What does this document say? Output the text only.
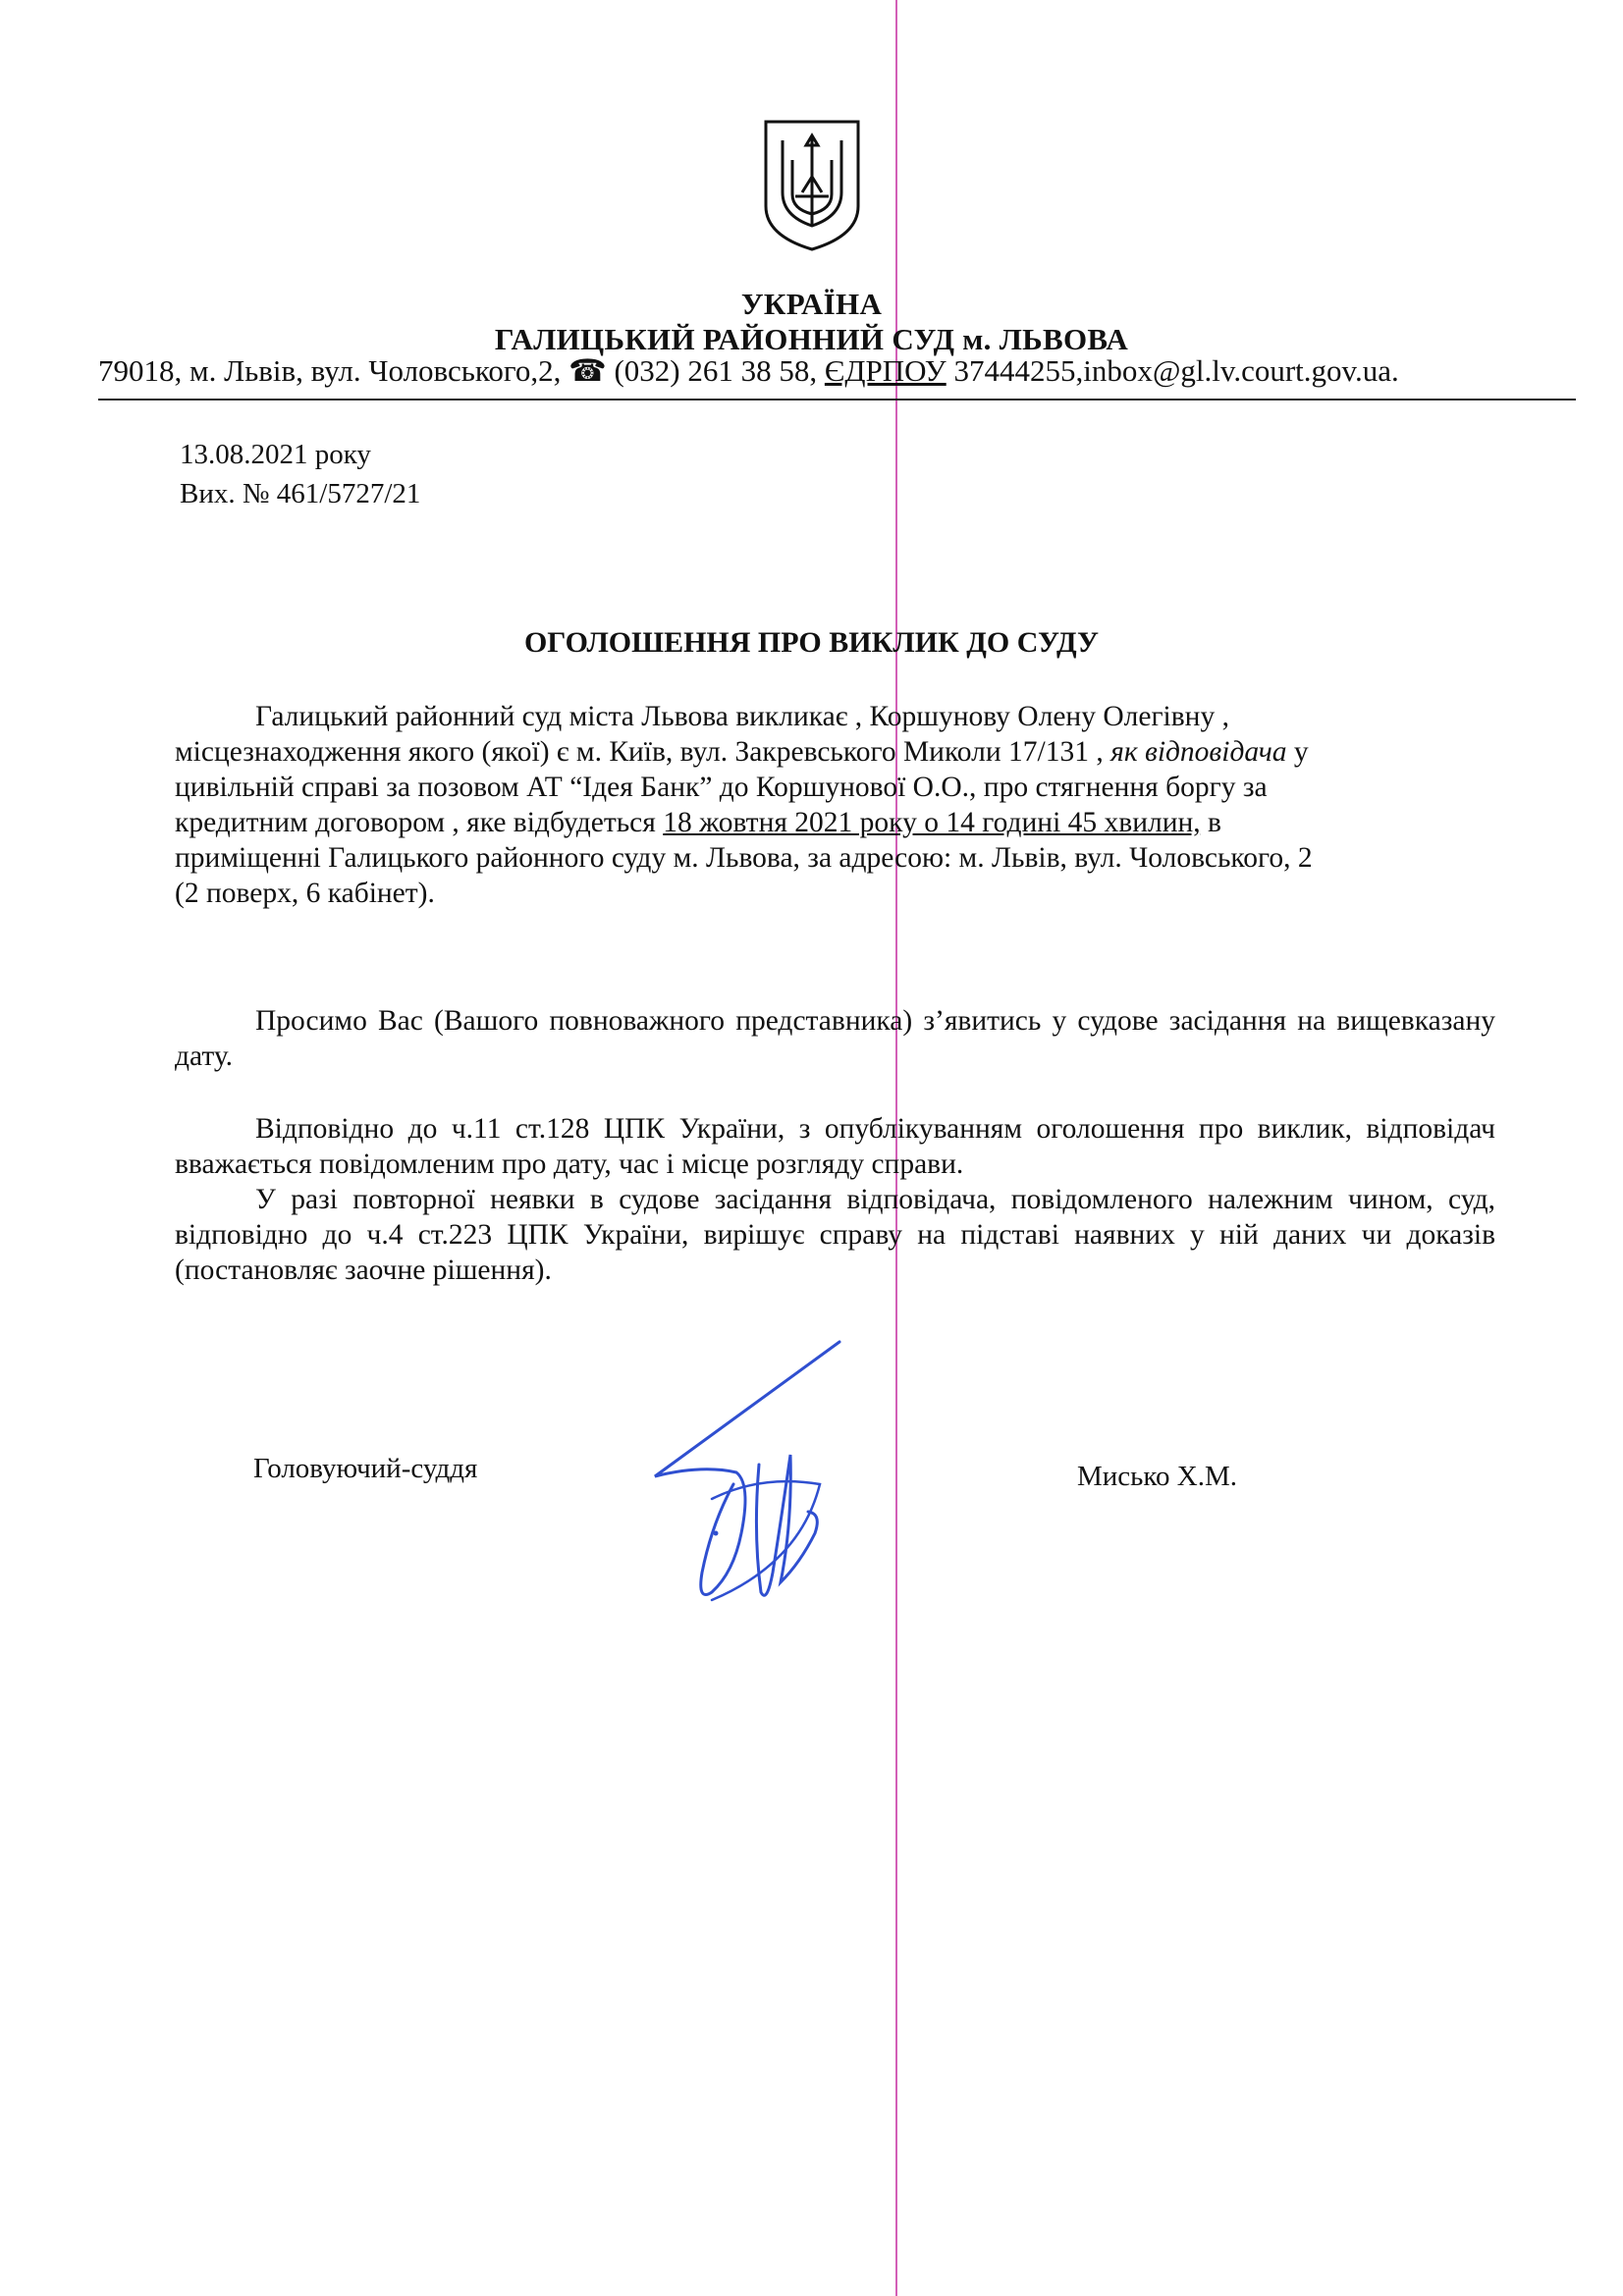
УКРАЇНА
ГАЛИЦЬКИЙ РАЙОННИЙ СУД м. ЛЬВОВА
79018, м. Львів, вул. Чоловського,2, ☎ (032) 261 38 58, ЄДРПОУ 37444255,inbox@gl.lv.court.gov.ua.
13.08.2021 року
Вих. № 461/5727/21
ОГОЛОШЕННЯ ПРО ВИКЛИК ДО СУДУ
Галицький районний суд міста Львова викликає , Коршунову Олену Олегівну ,
місцезнаходження якого (якої) є м. Київ, вул. Закревського Миколи 17/131 , як відповідача у
цивільній справі за позовом АТ “Ідея Банк” до Коршунової О.О., про стягнення боргу за
кредитним договором , яке відбудеться 18 жовтня 2021 року о 14 годині 45 хвилин, в
приміщенні Галицького районного суду м. Львова, за адресою: м. Львів, вул. Чоловського, 2
(2 поверх, 6 кабінет).

Просимо Вас (Вашого повноважного представника) з’явитись у судове засідання на вищевказану дату.

Відповідно до ч.11 ст.128 ЦПК України, з опублікуванням оголошення про виклик, відповідач вважається повідомленим про дату, час і місце розгляду справи.

У разі повторної неявки в судове засідання відповідача, повідомленого належним чином, суд, відповідно до ч.4 ст.223 ЦПК України, вирішує справу на підставі наявних у ній даних чи доказів (постановляє заочне рішення).

Головуючий-суддя	Мисько Х.М.
